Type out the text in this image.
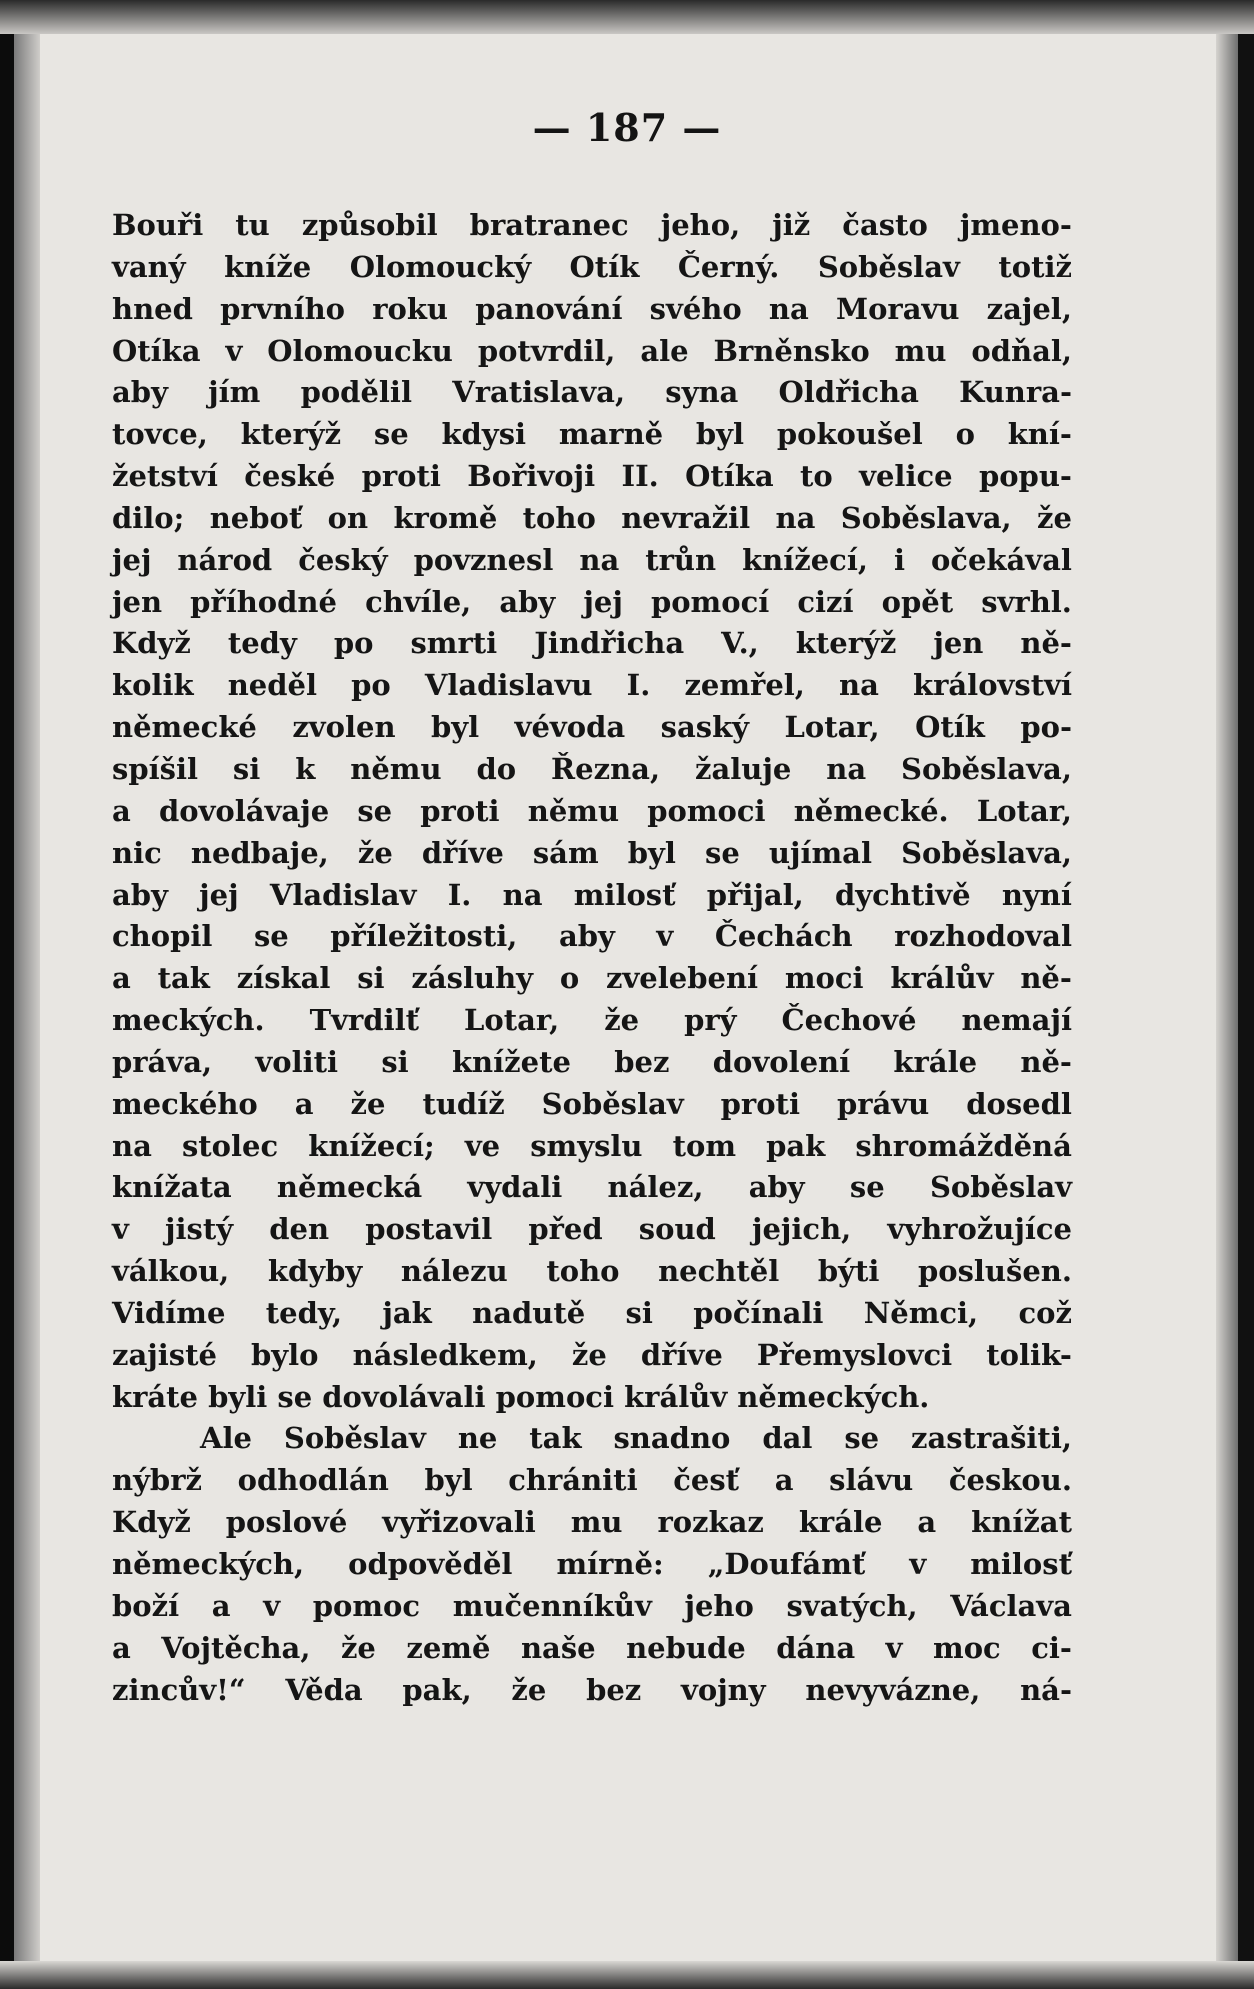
— 187 —
Bouři tu způsobil bratranec jeho, již často jmeno-
vaný kníže Olomoucký Otík Černý. Soběslav totiž
hned prvního roku panování svého na Moravu zajel,
Otíka v Olomoucku potvrdil, ale Brněnsko mu odňal,
aby jím podělil Vratislava, syna Oldřicha Kunra-
tovce, kterýž se kdysi marně byl pokoušel o kní-
žetství české proti Bořivoji II. Otíka to velice popu-
dilo; neboť on kromě toho nevražil na Soběslava, že
jej národ český povznesl na trůn knížecí, i očekával
jen příhodné chvíle, aby jej pomocí cizí opět svrhl.
Když tedy po smrti Jindřicha V., kterýž jen ně-
kolik neděl po Vladislavu I. zemřel, na království
německé zvolen byl vévoda saský Lotar, Otík po-
spíšil si k němu do Řezna, žaluje na Soběslava,
a dovolávaje se proti němu pomoci německé. Lotar,
nic nedbaje, že dříve sám byl se ujímal Soběslava,
aby jej Vladislav I. na milosť přijal, dychtivě nyní
chopil se příležitosti, aby v Čechách rozhodoval
a tak získal si zásluhy o zvelebení moci králův ně-
meckých. Tvrdilť Lotar, že prý Čechové nemají
práva, voliti si knížete bez dovolení krále ně-
meckého a že tudíž Soběslav proti právu dosedl
na stolec knížecí; ve smyslu tom pak shromážděná
knížata německá vydali nález, aby se Soběslav
v jistý den postavil před soud jejich, vyhrožujíce
válkou, kdyby nálezu toho nechtěl býti poslušen.
Vidíme tedy, jak nadutě si počínali Němci, což
zajisté bylo následkem, že dříve Přemyslovci tolik-
kráte byli se dovolávali pomoci králův německých.
Ale Soběslav ne tak snadno dal se zastrašiti,
nýbrž odhodlán byl chrániti česť a slávu českou.
Když poslové vyřizovali mu rozkaz krále a knížat
německých, odpověděl mírně: „Doufámť v milosť
boží a v pomoc mučenníkův jeho svatých, Václava
a Vojtěcha, že země naše nebude dána v moc ci-
zincův!“ Věda pak, že bez vojny nevyvázne, ná-
